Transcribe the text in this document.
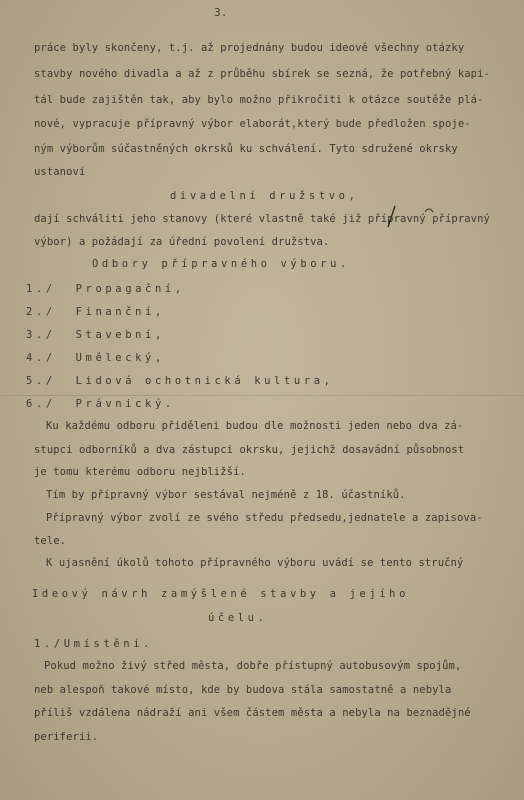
3.
práce byly skončeny, t.j. až projednány budou ideové všechny otázky
stavby nového divadla a až z průběhu sbírek se sezná, že potřebný kapi-
tál bude zajištěn tak, aby bylo možno přikročiti k otázce soutěže plá-
nové, vypracuje přípravný výbor elaborát,který bude předložen spoje-
ným výborům súčastněných okrsků ku schválení. Tyto sdružené okrsky
ustanoví
divadelní družstvo,
dají schváliti jeho stanovy (které vlastně také již přípravný přípravný
výbor) a požádají za úřední povolení družstva.
Odbory přípravného výboru.
1./  Propagační,
2./  Finanční,
3./  Stavební,
4./  Umělecký,
5./  Lidová ochotnická kultura,
6./  Právnický.
Ku každému odboru přiděleni budou dle možnosti jeden nebo dva zá-
stupci odborníků a dva zástupci okrsku, jejichž dosavádní působnost
je tomu kterému odboru nejbližší.
Tím by přípravný výbor sestával nejméně z 18. účastníků.
Přípravný výbor zvolí ze svého středu předsedu,jednatele a zapisova-
tele.
K ujasnění úkolů tohoto přípravného výboru uvádí se tento stručný
Ideový návrh zamýšlené stavby a jejího
účelu.
1./Umístění.
Pokud možno živý střed města, dobře přístupný autobusovým spojům,
neb alespoň takové místo, kde by budova stála samostatně a nebyla
příliš vzdálena nádraží ani všem částem města a nebyla na beznadějné
periferii.
